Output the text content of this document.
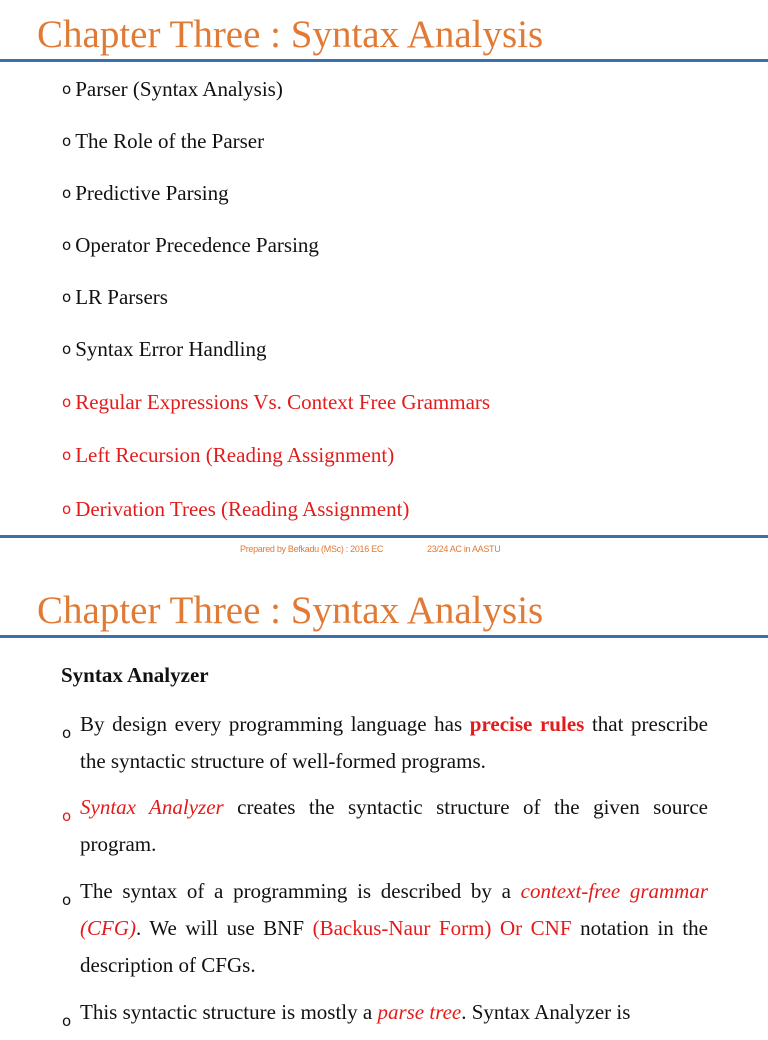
Chapter Three : Syntax Analysis
o Parser (Syntax Analysis)
o The Role of the Parser
o Predictive Parsing
o Operator Precedence Parsing
o LR Parsers
o Syntax Error Handling
o Regular Expressions Vs. Context Free Grammars
o Left Recursion (Reading Assignment)
o Derivation Trees (Reading Assignment)
Prepared by Befkadu (MSc) : 2016 EC	23/24 AC in AASTU
Chapter Three : Syntax Analysis
Syntax Analyzer
o By design every programming language has precise rules that prescribe the syntactic structure of well-formed programs.
o Syntax Analyzer creates the syntactic structure of the given source program.
o The syntax of a programming is described by a context-free grammar (CFG). We will use BNF (Backus-Naur Form) Or CNF notation in the description of CFGs.
o This syntactic structure is mostly a parse tree. Syntax Analyzer is
